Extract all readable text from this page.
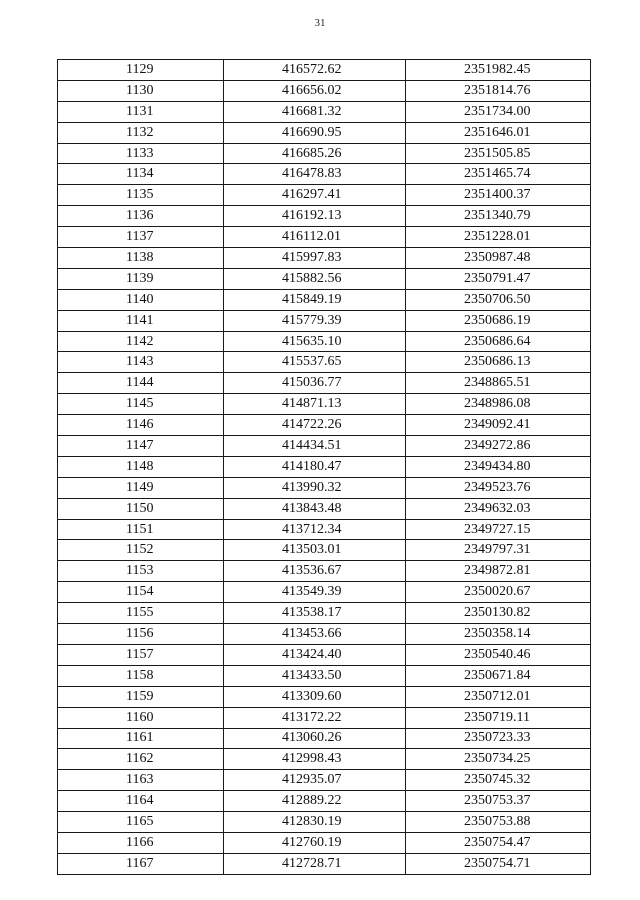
31
1129	416572.62	2351982.45
1130	416656.02	2351814.76
1131	416681.32	2351734.00
1132	416690.95	2351646.01
1133	416685.26	2351505.85
1134	416478.83	2351465.74
1135	416297.41	2351400.37
1136	416192.13	2351340.79
1137	416112.01	2351228.01
1138	415997.83	2350987.48
1139	415882.56	2350791.47
1140	415849.19	2350706.50
1141	415779.39	2350686.19
1142	415635.10	2350686.64
1143	415537.65	2350686.13
1144	415036.77	2348865.51
1145	414871.13	2348986.08
1146	414722.26	2349092.41
1147	414434.51	2349272.86
1148	414180.47	2349434.80
1149	413990.32	2349523.76
1150	413843.48	2349632.03
1151	413712.34	2349727.15
1152	413503.01	2349797.31
1153	413536.67	2349872.81
1154	413549.39	2350020.67
1155	413538.17	2350130.82
1156	413453.66	2350358.14
1157	413424.40	2350540.46
1158	413433.50	2350671.84
1159	413309.60	2350712.01
1160	413172.22	2350719.11
1161	413060.26	2350723.33
1162	412998.43	2350734.25
1163	412935.07	2350745.32
1164	412889.22	2350753.37
1165	412830.19	2350753.88
1166	412760.19	2350754.47
1167	412728.71	2350754.71
